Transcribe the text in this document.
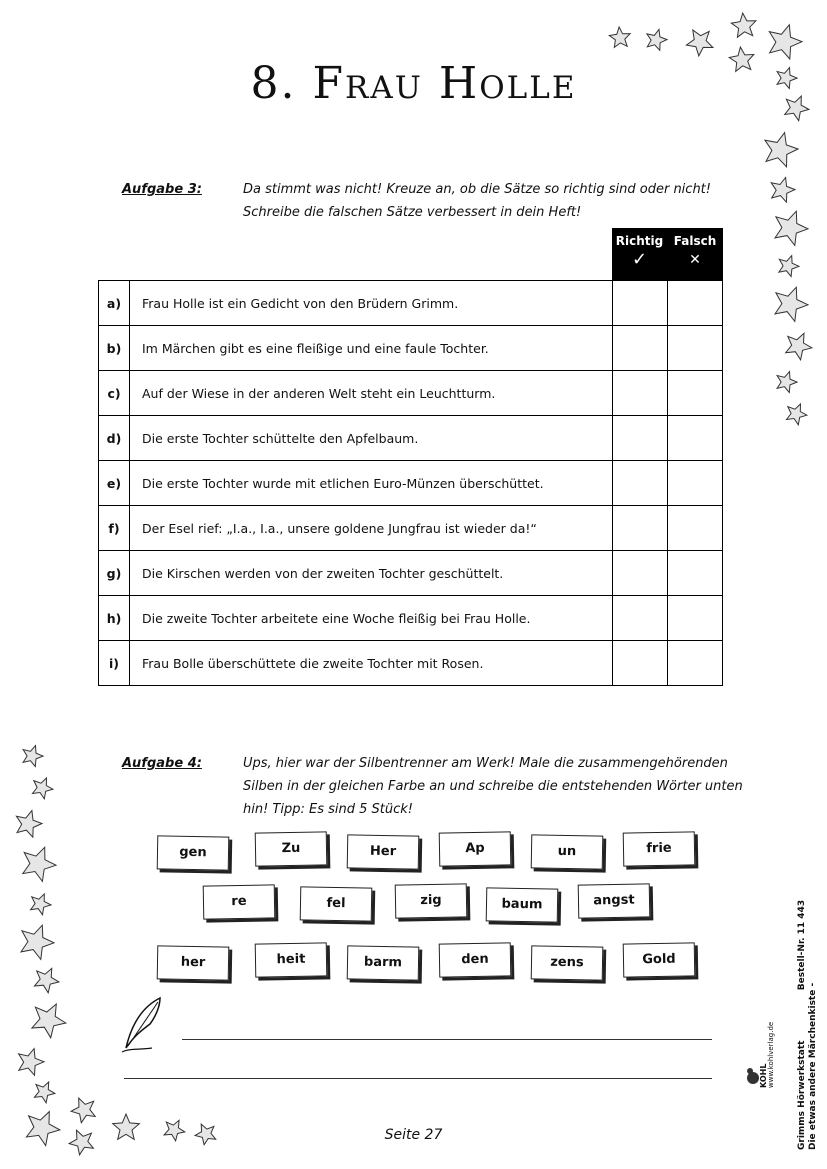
8. Frau Holle
Aufgabe 3:	Da stimmt was nicht! Kreuze an, ob die Sätze so richtig sind oder nicht!
Schreibe die falschen Sätze verbessert in dein Heft!
Richtig
✓
Falsch
✕
a)	Frau Holle ist ein Gedicht von den Brüdern Grimm.		
b)	Im Märchen gibt es eine fleißige und eine faule Tochter.		
c)	Auf der Wiese in der anderen Welt steht ein Leuchtturm.		
d)	Die erste Tochter schüttelte den Apfelbaum.		
e)	Die erste Tochter wurde mit etlichen Euro-Münzen überschüttet.		
f)	Der Esel rief: „I.a., I.a., unsere goldene Jungfrau ist wieder da!“		
g)	Die Kirschen werden von der zweiten Tochter geschüttelt.		
h)	Die zweite Tochter arbeitete eine Woche fleißig bei Frau Holle.		
i)	Frau Bolle überschüttete die zweite Tochter mit Rosen.		
Aufgabe 4:	Ups, hier war der Silbentrenner am Werk! Male die zusammengehörenden
Silben in der gleichen Farbe an und schreibe die entstehenden Wörter unten
hin! Tipp: Es sind 5 Stück!
gen	Zu	Her	Ap	un	frie
re	fel	zig	baum	angst
her	heit	barm	den	zens	Gold
Seite 27	Grimms Hörwerkstatt  Bestell-Nr. 11 443
Die etwas andere Märchenkiste -
KOHL www.kohlverlag.de
